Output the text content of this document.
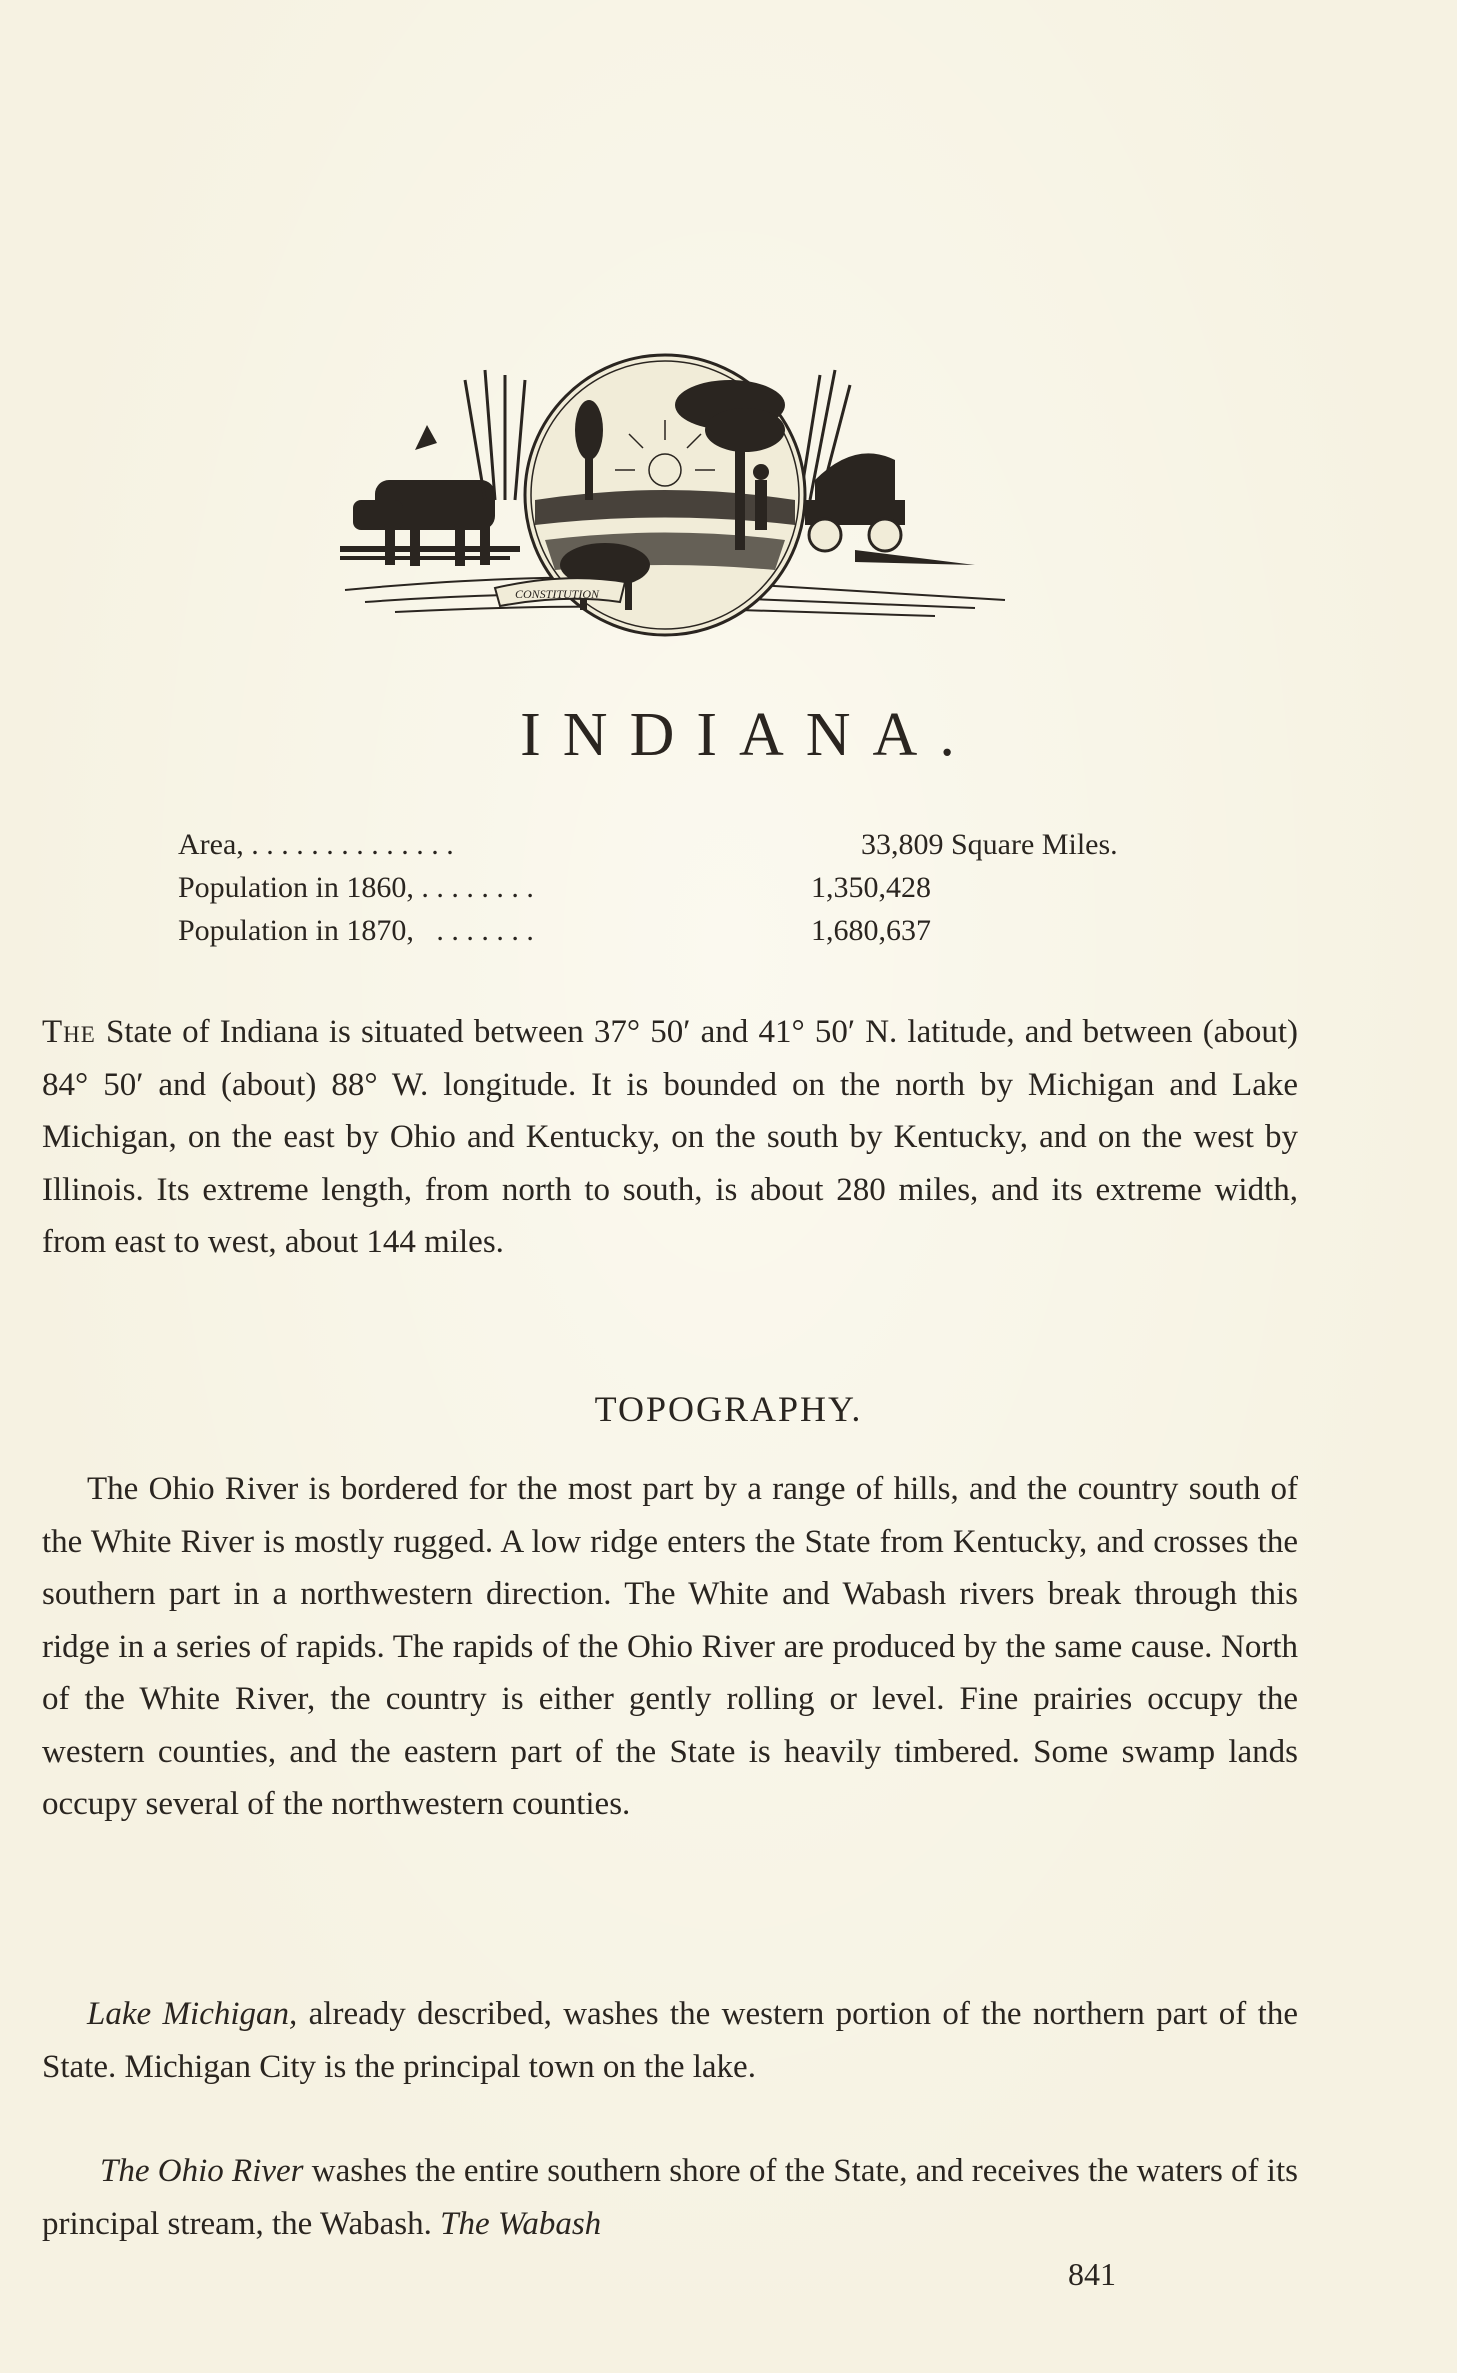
CONSTITUTION
INDIANA.
Area, . . . . . . . . . . . . . .	33,809 Square Miles.
Population in 1860, . . . . . . . .	1,350,428
Population in 1870,   . . . . . . .	1,680,637

The State of Indiana is situated between 37° 50′ and 41° 50′ N. latitude, and between (about) 84° 50′ and (about) 88° W. longitude. It is bounded on the north by Michigan and Lake Michigan, on the east by Ohio and Kentucky, on the south by Kentucky, and on the west by Illinois. Its extreme length, from north to south, is about 280 miles, and its extreme width, from east to west, about 144 miles.

TOPOGRAPHY.

The Ohio River is bordered for the most part by a range of hills, and the country south of the White River is mostly rugged. A low ridge enters the State from Kentucky, and crosses the southern part in a northwestern direction. The White and Wabash rivers break through this ridge in a series of rapids. The rapids of the Ohio River are produced by the same cause. North of the White River, the country is either gently rolling or level. Fine prairies occupy the western counties, and the eastern part of the State is heavily timbered. Some swamp lands occupy several of the northwestern counties.

Lake Michigan, already described, washes the western portion of the northern part of the State. Michigan City is the principal town on the lake.

The Ohio River washes the entire southern shore of the State, and receives the waters of its principal stream, the Wabash. The Wabash

841
